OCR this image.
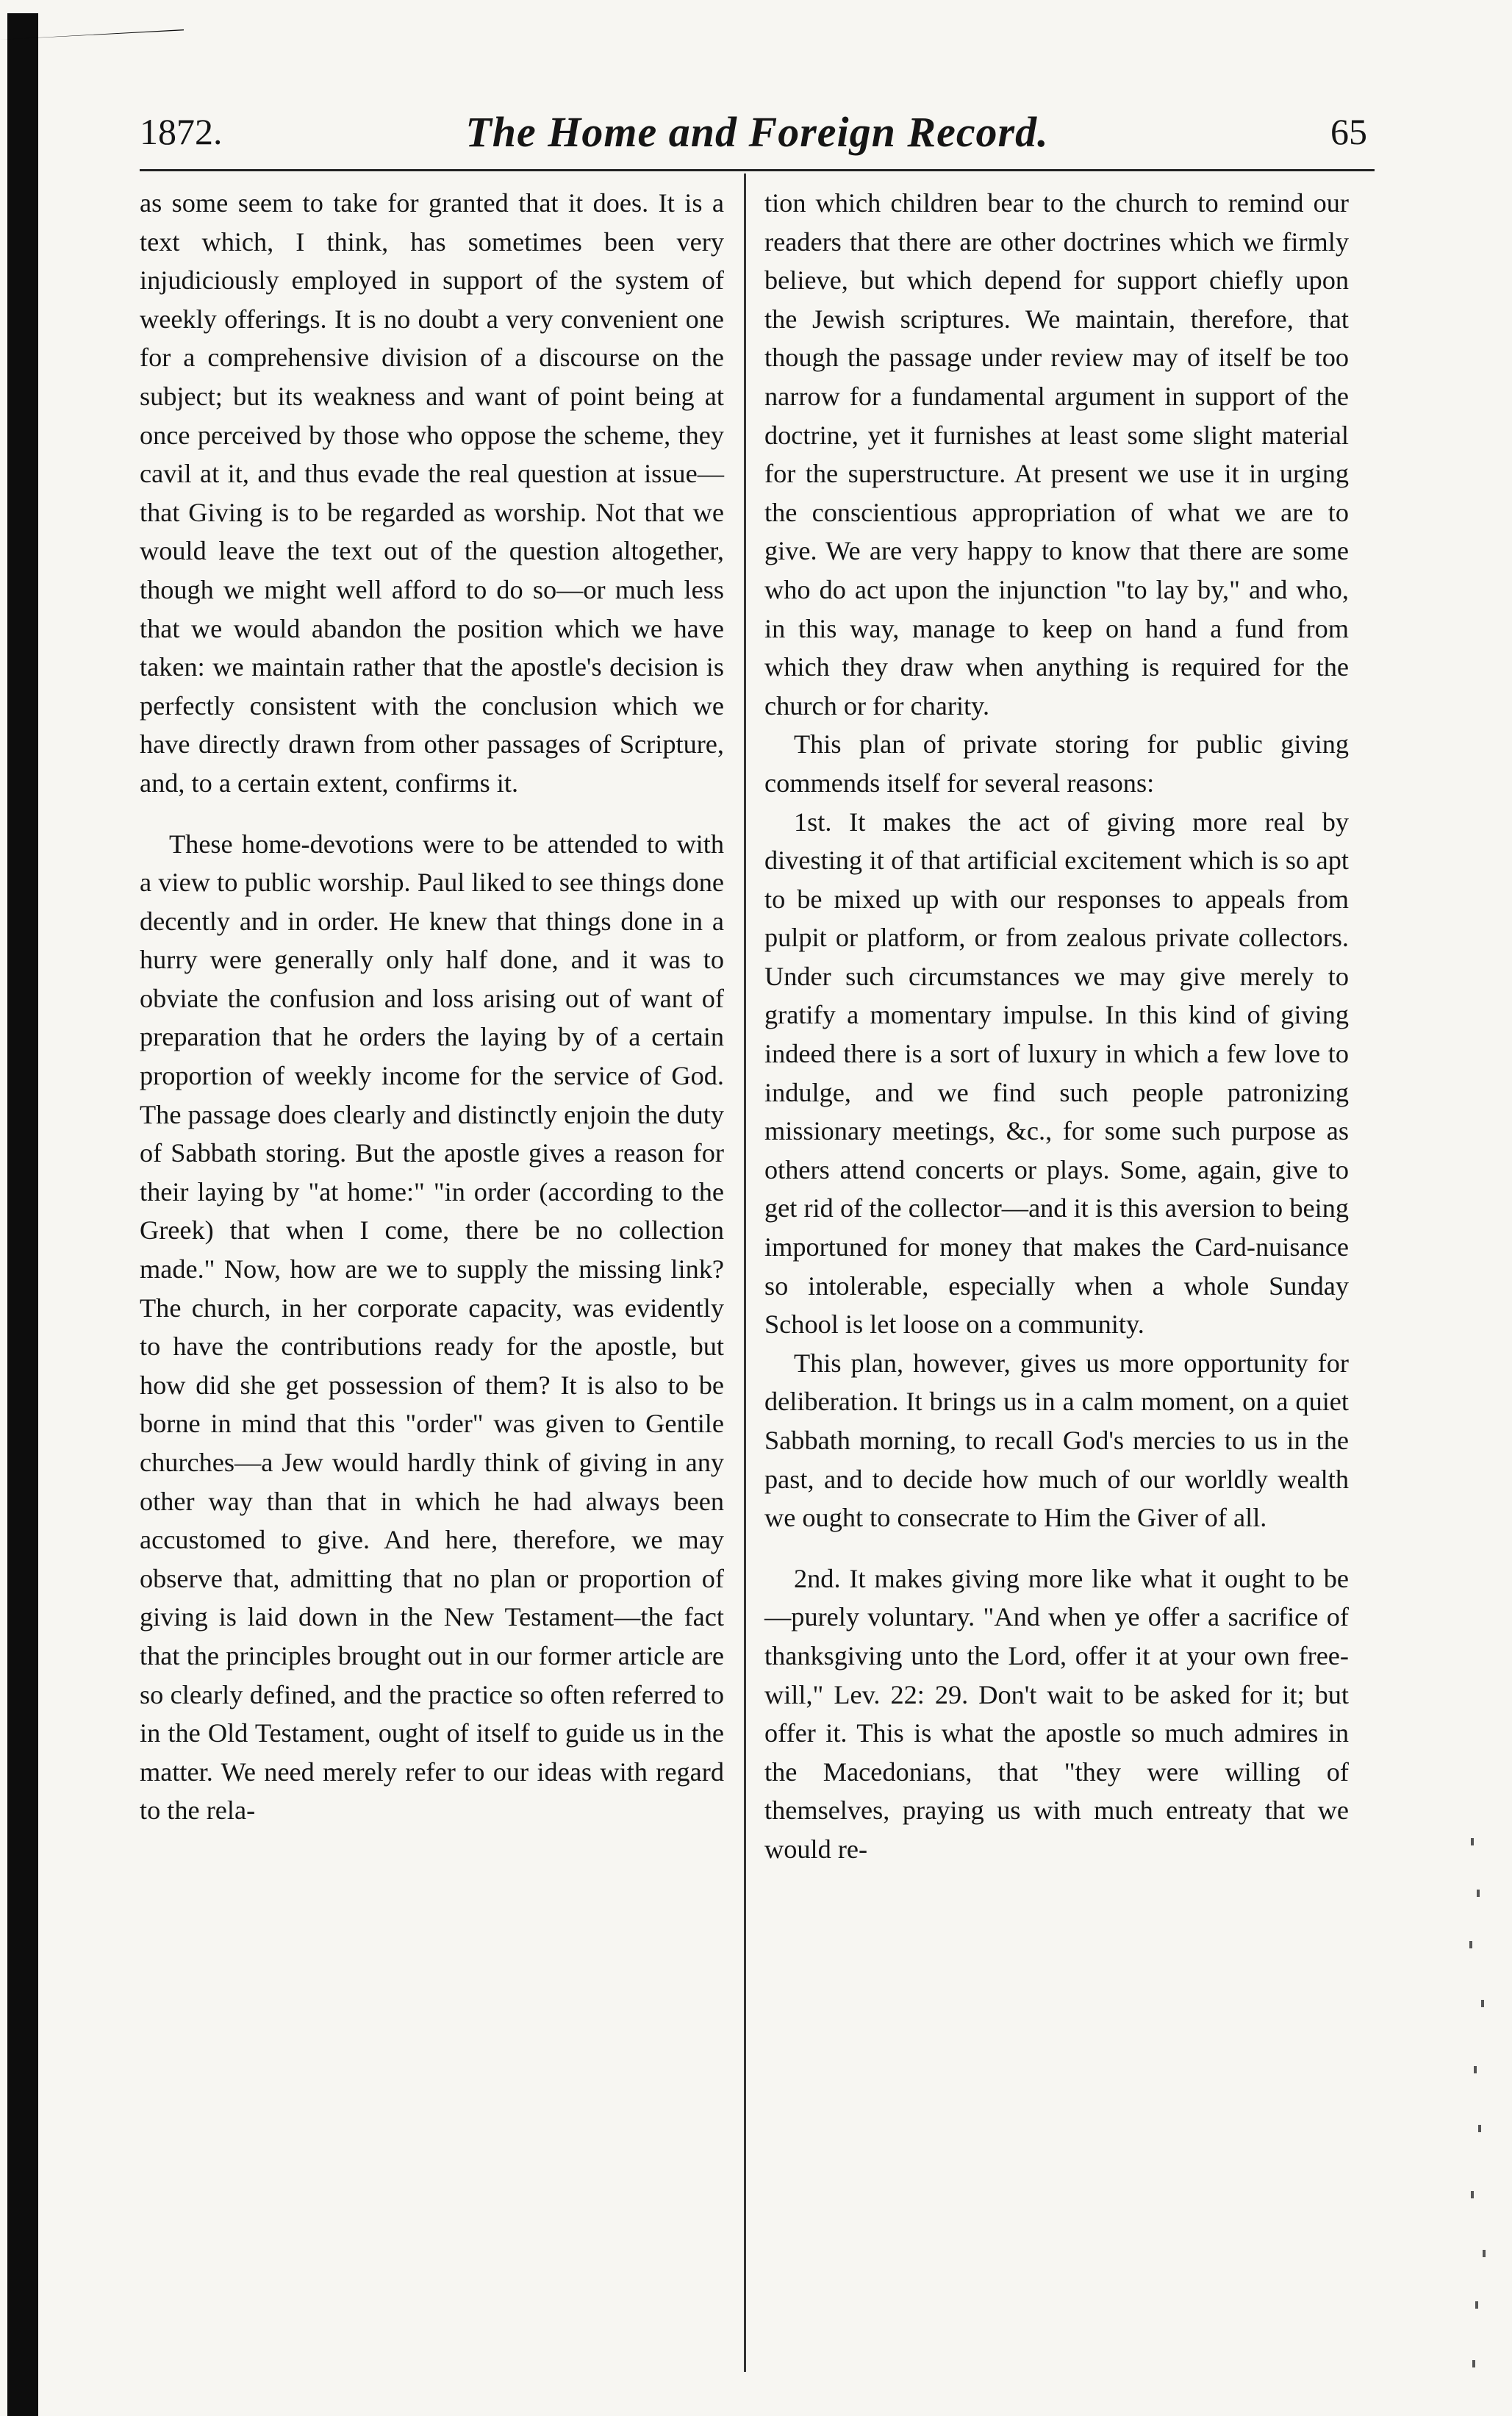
1872.	The Home and Foreign Record.	65

as some seem to take for granted that it does. It is a text which, I think, has sometimes been very injudiciously employed in support of the system of weekly offerings. It is no doubt a very convenient one for a comprehensive division of a discourse on the subject; but its weakness and want of point being at once perceived by those who oppose the scheme, they cavil at it, and thus evade the real question at issue—that Giving is to be regarded as worship. Not that we would leave the text out of the question altogether, though we might well afford to do so—or much less that we would abandon the position which we have taken: we maintain rather that the apostle's decision is perfectly consistent with the conclusion which we have directly drawn from other passages of Scripture, and, to a certain extent, confirms it.

These home-devotions were to be attended to with a view to public worship. Paul liked to see things done decently and in order. He knew that things done in a hurry were generally only half done, and it was to obviate the confusion and loss arising out of want of preparation that he orders the laying by of a certain proportion of weekly income for the service of God. The passage does clearly and distinctly enjoin the duty of Sabbath storing. But the apostle gives a reason for their laying by "at home:" "in order (according to the Greek) that when I come, there be no collection made." Now, how are we to supply the missing link? The church, in her corporate capacity, was evidently to have the contributions ready for the apostle, but how did she get possession of them? It is also to be borne in mind that this "order" was given to Gentile churches—a Jew would hardly think of giving in any other way than that in which he had always been accustomed to give. And here, therefore, we may observe that, admitting that no plan or proportion of giving is laid down in the New Testament—the fact that the principles brought out in our former article are so clearly defined, and the practice so often referred to in the Old Testament, ought of itself to guide us in the matter. We need merely refer to our ideas with regard to the rela-

tion which children bear to the church to remind our readers that there are other doctrines which we firmly believe, but which depend for support chiefly upon the Jewish scriptures. We maintain, therefore, that though the passage under review may of itself be too narrow for a fundamental argument in support of the doctrine, yet it furnishes at least some slight material for the superstructure. At present we use it in urging the conscientious appropriation of what we are to give. We are very happy to know that there are some who do act upon the injunction "to lay by," and who, in this way, manage to keep on hand a fund from which they draw when anything is required for the church or for charity.

This plan of private storing for public giving commends itself for several reasons:

1st. It makes the act of giving more real by divesting it of that artificial excitement which is so apt to be mixed up with our responses to appeals from pulpit or platform, or from zealous private collectors. Under such circumstances we may give merely to gratify a momentary impulse. In this kind of giving indeed there is a sort of luxury in which a few love to indulge, and we find such people patronizing missionary meetings, &c., for some such purpose as others attend concerts or plays. Some, again, give to get rid of the collector—and it is this aversion to being importuned for money that makes the Card-nuisance so intolerable, especially when a whole Sunday School is let loose on a community.

This plan, however, gives us more opportunity for deliberation. It brings us in a calm moment, on a quiet Sabbath morning, to recall God's mercies to us in the past, and to decide how much of our worldly wealth we ought to consecrate to Him the Giver of all.

2nd. It makes giving more like what it ought to be—purely voluntary. "And when ye offer a sacrifice of thanksgiving unto the Lord, offer it at your own free-will," Lev. 22: 29. Don't wait to be asked for it; but offer it. This is what the apostle so much admires in the Macedonians, that "they were willing of themselves, praying us with much entreaty that we would re-
